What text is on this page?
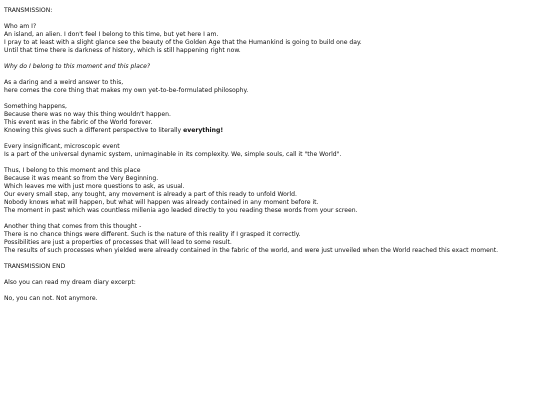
TRANSMISSION:
Who am I?
An island, an alien. I don't feel I belong to this time, but yet here I am.
I pray to at least with a slight glance see the beauty of the Golden Age that the Humankind is going to build one day.
Until that time there is darkness of history, which is still happening right now.
Why do I belong to this moment and this place?
As a daring and a weird answer to this,
here comes the core thing that makes my own yet-to-be-formulated philosophy.
Something happens,
Because there was no way this thing wouldn't happen.
This event was in the fabric of the World forever.
Knowing this gives such a different perspective to literally everything!
Every insignificant, microscopic event
Is a part of the universal dynamic system, unimaginable in its complexity. We, simple souls, call it "the World".
Thus, I belong to this moment and this place
Because it was meant so from the Very Beginning.
Which leaves me with just more questions to ask, as usual.
Our every small step, any tought, any movement is already a part of this ready to unfold World.
Nobody knows what will happen, but what will happen was already contained in any moment before it.
The moment in past which was countless millenia ago leaded directly to you reading these words from your screen.
Another thing that comes from this thought -
There is no chance things were different. Such is the nature of this reality if I grasped it correctly.
Possibilities are just a properties of processes that will lead to some result.
The results of such processes when yielded were already contained in the fabric of the world, and were just unveiled when the World reached this exact moment.
TRANSMISSION END
Also you can read my dream diary excerpt:
No, you can not. Not anymore.
